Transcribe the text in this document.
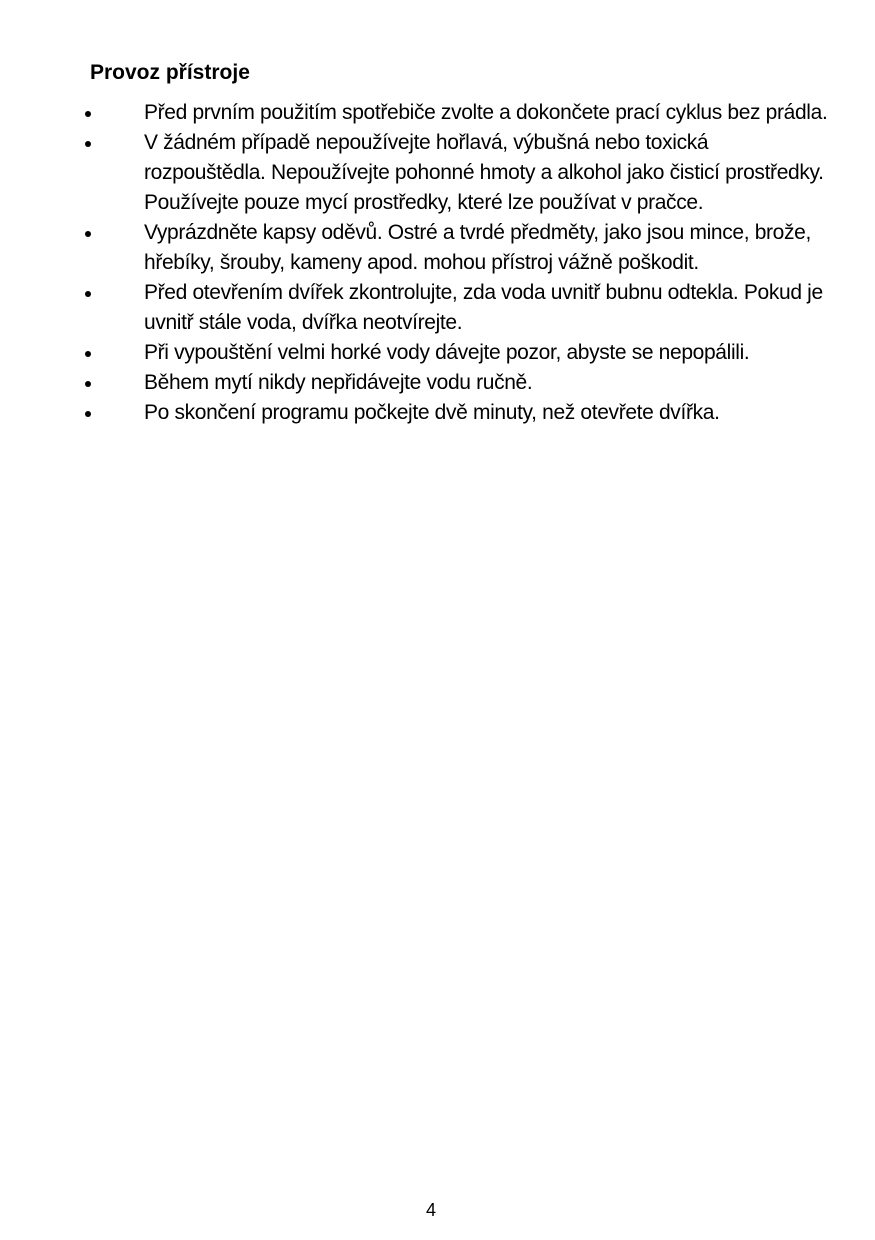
Provoz přístroje
Před prvním použitím spotřebiče zvolte a dokončete prací cyklus bez prádla.
V žádném případě nepoužívejte hořlavá, výbušná nebo toxická rozpouštědla. Nepoužívejte pohonné hmoty a alkohol jako čisticí prostředky. Používejte pouze mycí prostředky, které lze používat v pračce.
Vyprázdněte kapsy oděvů. Ostré a tvrdé předměty, jako jsou mince, brože, hřebíky, šrouby, kameny apod. mohou přístroj vážně poškodit.
Před otevřením dvířek zkontrolujte, zda voda uvnitř bubnu odtekla. Pokud je uvnitř stále voda, dvířka neotvírejte.
Při vypouštění velmi horké vody dávejte pozor, abyste se nepopálili.
Během mytí nikdy nepřidávejte vodu ručně.
Po skončení programu počkejte dvě minuty, než otevřete dvířka.
4
